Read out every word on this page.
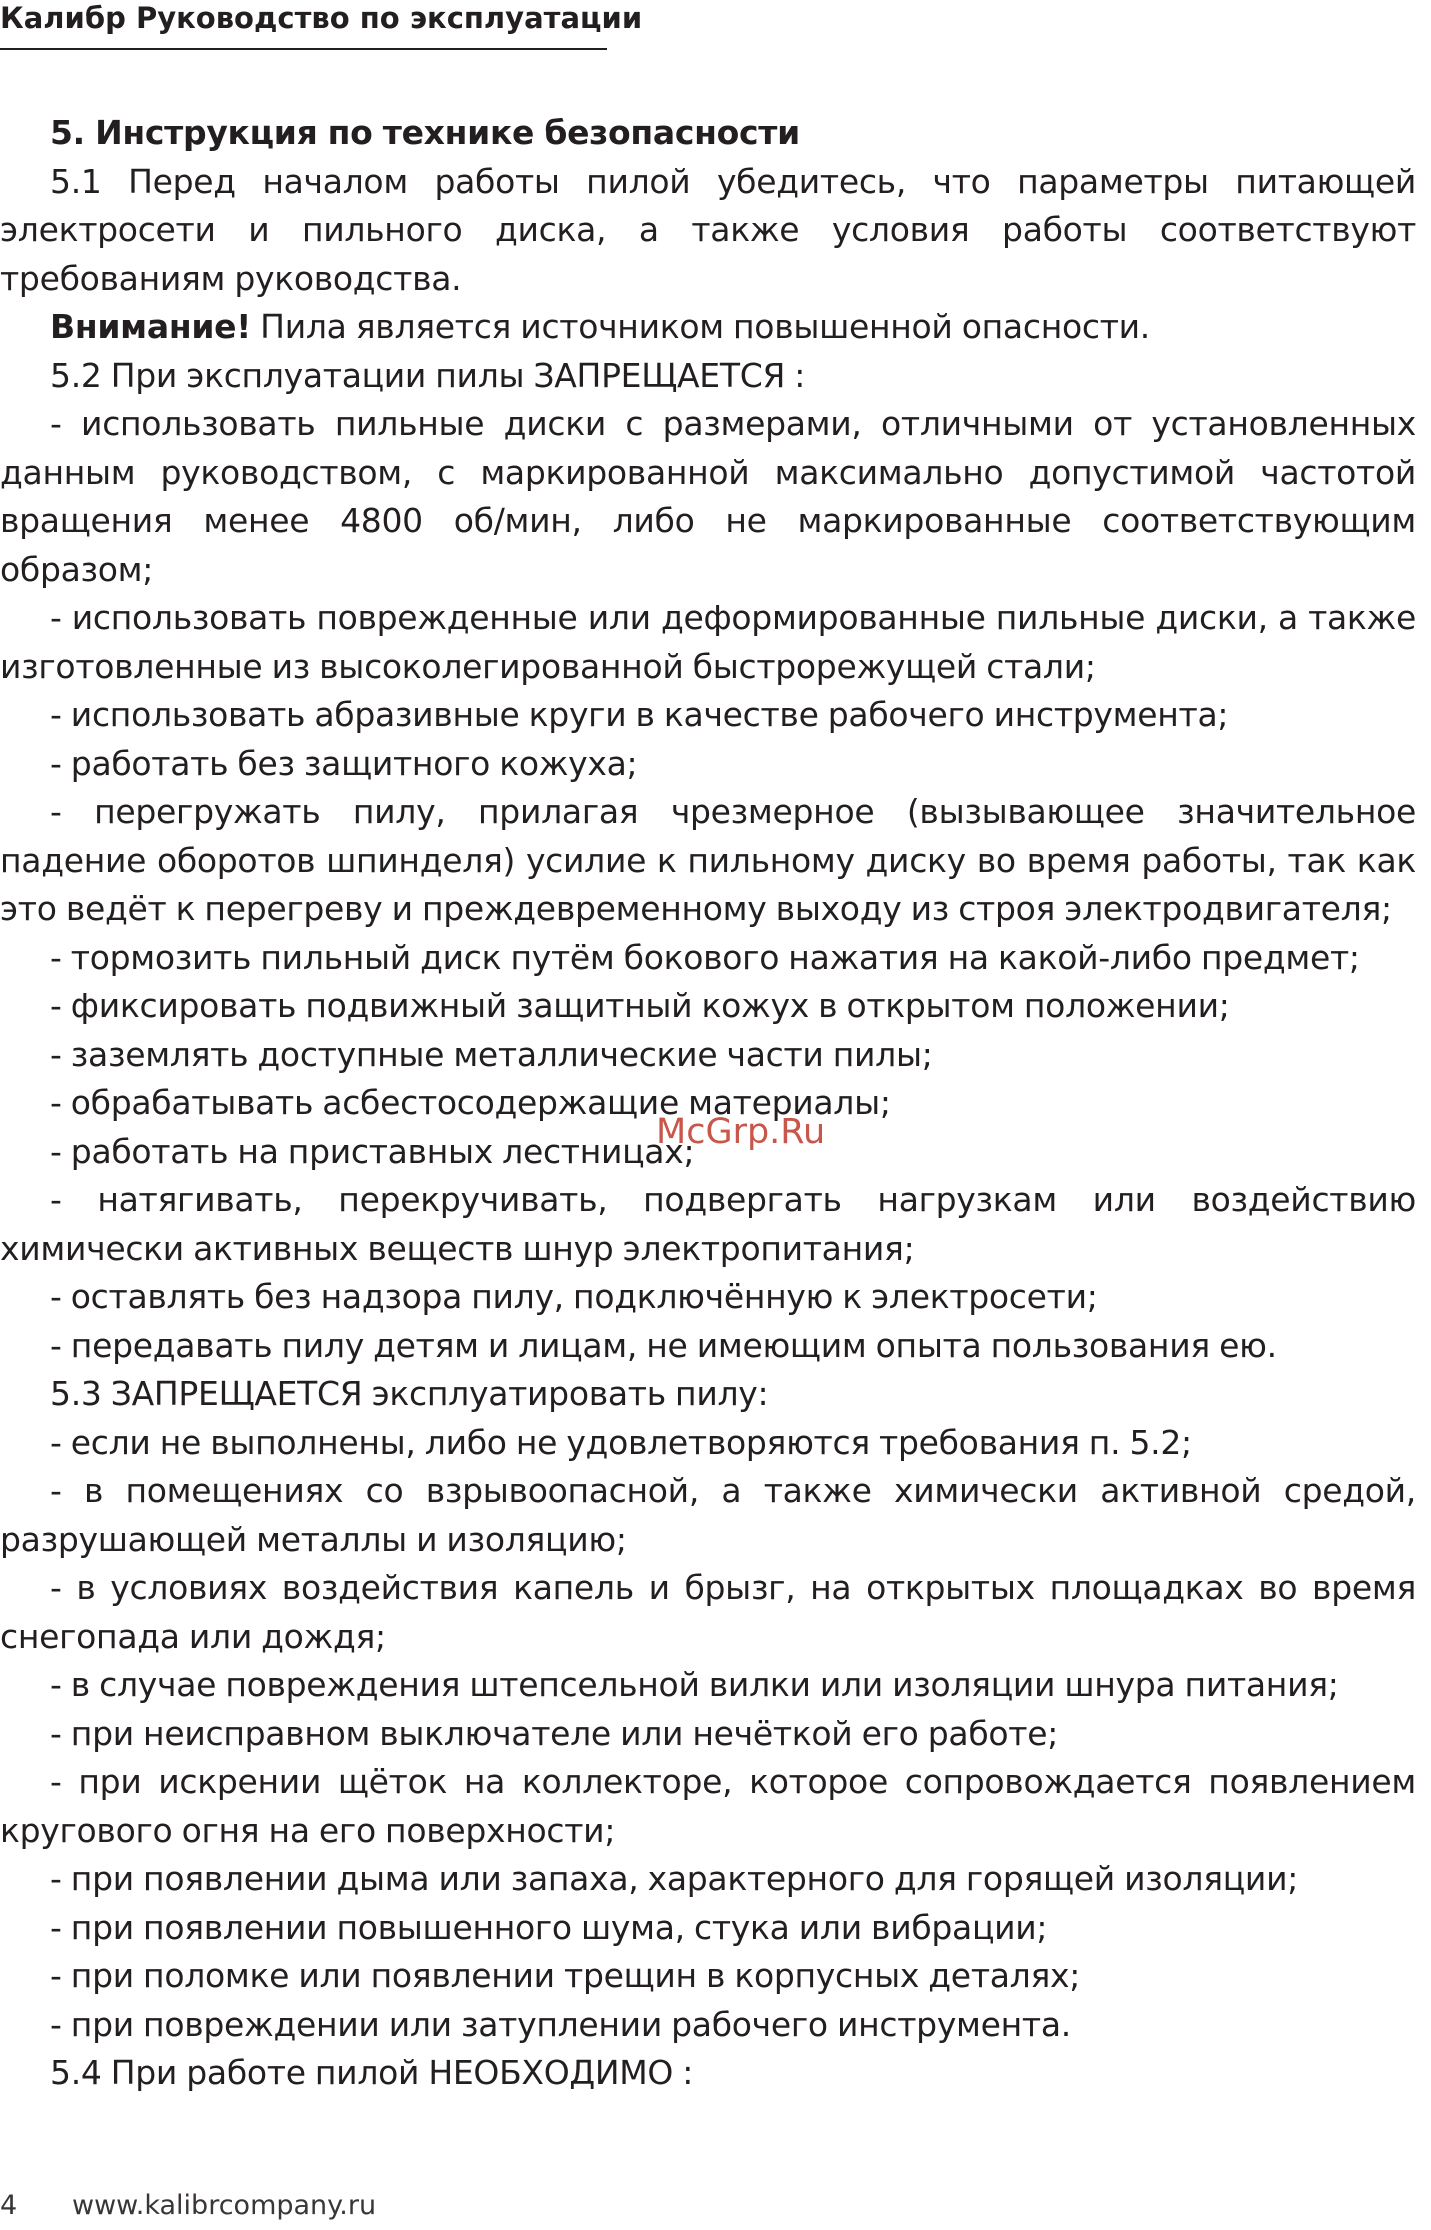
Калибр Руководство по эксплуатации

5. Инструкция по технике безопасности

5.1 Перед началом работы пилой убедитесь, что параметры питающей электросети и пильного диска, а также условия работы соответствуют требованиям руководства.

Внимание! Пила является источником повышенной опасности.

5.2 При эксплуатации пилы ЗАПРЕЩАЕТСЯ :

- использовать пильные диски с размерами, отличными от установленных данным руководством, с маркированной максимально допустимой частотой вращения менее 4800 об/мин, либо не маркированные соответствующим образом;

- использовать поврежденные или деформированные пильные диски, а также изготовленные из высоколегированной быстрорежущей стали;

- использовать абразивные круги в качестве рабочего инструмента;

- работать без защитного кожуха;

- перегружать пилу, прилагая чрезмерное (вызывающее значительное падение оборотов шпинделя) усилие к пильному диску во время работы, так как это ведёт к перегреву и преждевременному выходу из строя электродвигателя;

- тормозить пильный диск путём бокового нажатия на какой-либо предмет;

- фиксировать подвижный защитный кожух в открытом положении;

- заземлять доступные металлические части пилы;

- обрабатывать асбестосодержащие материалы;

- работать на приставных лестницах;

- натягивать, перекручивать, подвергать нагрузкам или воздействию химически активных веществ шнур электропитания;

- оставлять без надзора пилу, подключённую к электросети;

- передавать пилу детям и лицам, не имеющим опыта пользования ею.

5.3 ЗАПРЕЩАЕТСЯ эксплуатировать пилу:

- если не выполнены, либо не удовлетворяются требования п. 5.2;

- в помещениях со взрывоопасной, а также химически активной средой, разрушающей металлы и изоляцию;

- в условиях воздействия капель и брызг, на открытых площадках во время снегопада или дождя;

- в случае повреждения штепсельной вилки или изоляции шнура питания;

- при неисправном выключателе или нечёткой его работе;

- при искрении щёток на коллекторе, которое сопровождается появлением кругового огня на его поверхности;

- при появлении дыма или запаха, характерного для горящей изоляции;

- при появлении повышенного шума, стука или вибрации;

- при поломке или появлении трещин в корпусных деталях;

- при повреждении или затуплении рабочего инструмента.

5.4 При работе пилой НЕОБХОДИМО :

McGrp.Ru
4 www.kalibrcompany.ru
